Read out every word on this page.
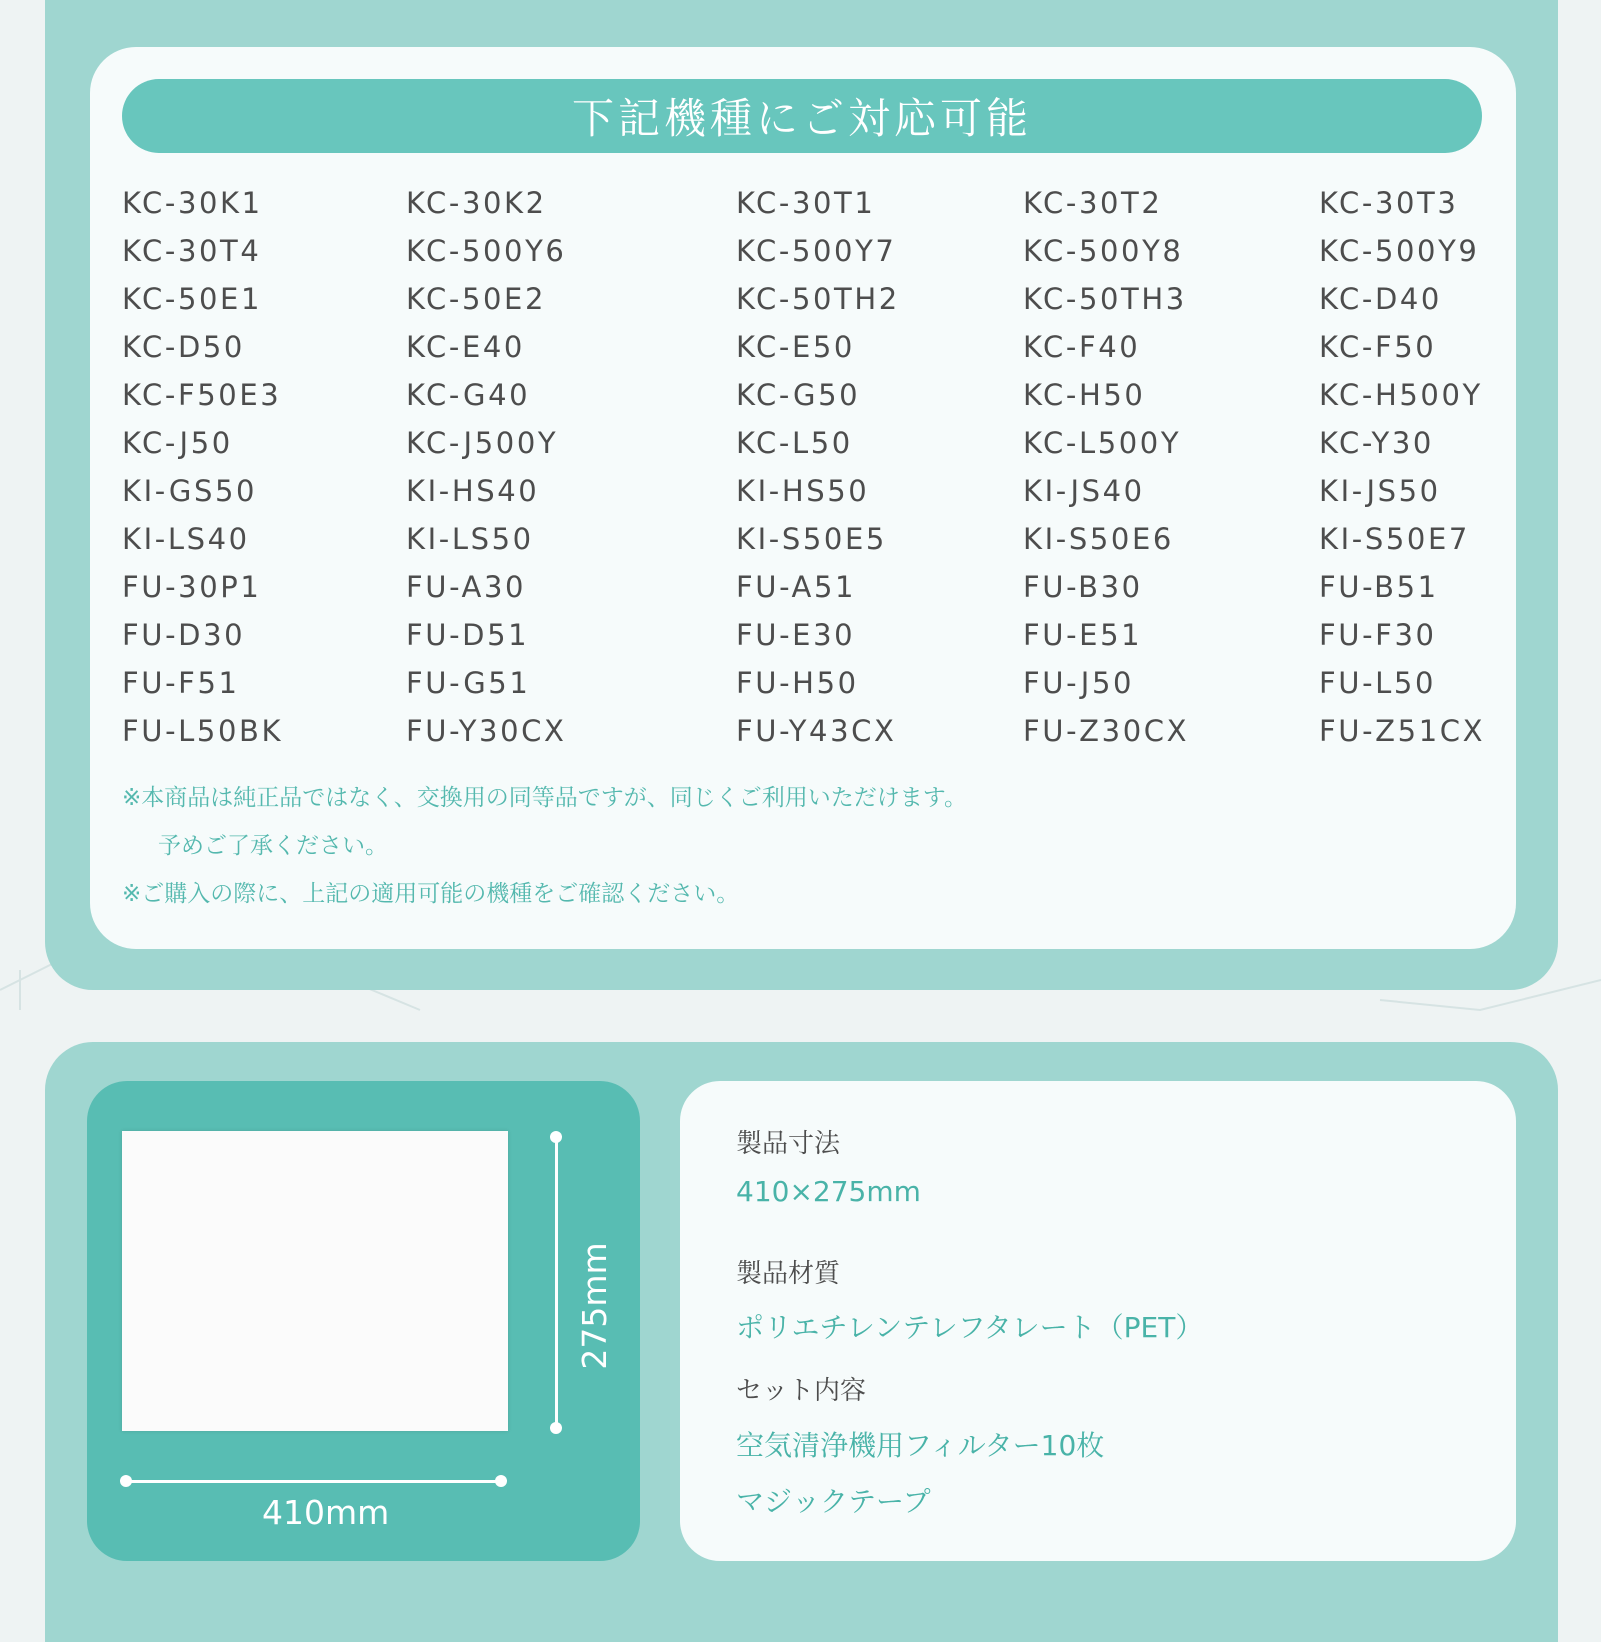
下記機種にご対応可能
KC-30K1	KC-30K2	KC-30T1	KC-30T2	KC-30T3
KC-30T4	KC-500Y6	KC-500Y7	KC-500Y8	KC-500Y9
KC-50E1	KC-50E2	KC-50TH2	KC-50TH3	KC-D40
KC-D50	KC-E40	KC-E50	KC-F40	KC-F50
KC-F50E3	KC-G40	KC-G50	KC-H50	KC-H500Y
KC-J50	KC-J500Y	KC-L50	KC-L500Y	KC-Y30
KI-GS50	KI-HS40	KI-HS50	KI-JS40	KI-JS50
KI-LS40	KI-LS50	KI-S50E5	KI-S50E6	KI-S50E7
FU-30P1	FU-A30	FU-A51	FU-B30	FU-B51
FU-D30	FU-D51	FU-E30	FU-E51	FU-F30
FU-F51	FU-G51	FU-H50	FU-J50	FU-L50
FU-L50BK	FU-Y30CX	FU-Y43CX	FU-Z30CX	FU-Z51CX
※本商品は純正品ではなく、交換用の同等品ですが、同じくご利用いただけます。
予めご了承ください。
※ご購入の際に、上記の適用可能の機種をご確認ください。
410mm
275mm
製品寸法
410×275mm
製品材質
ポリエチレンテレフタレート（PET）
セット内容
空気清浄機用フィルター10枚
マジックテープ
